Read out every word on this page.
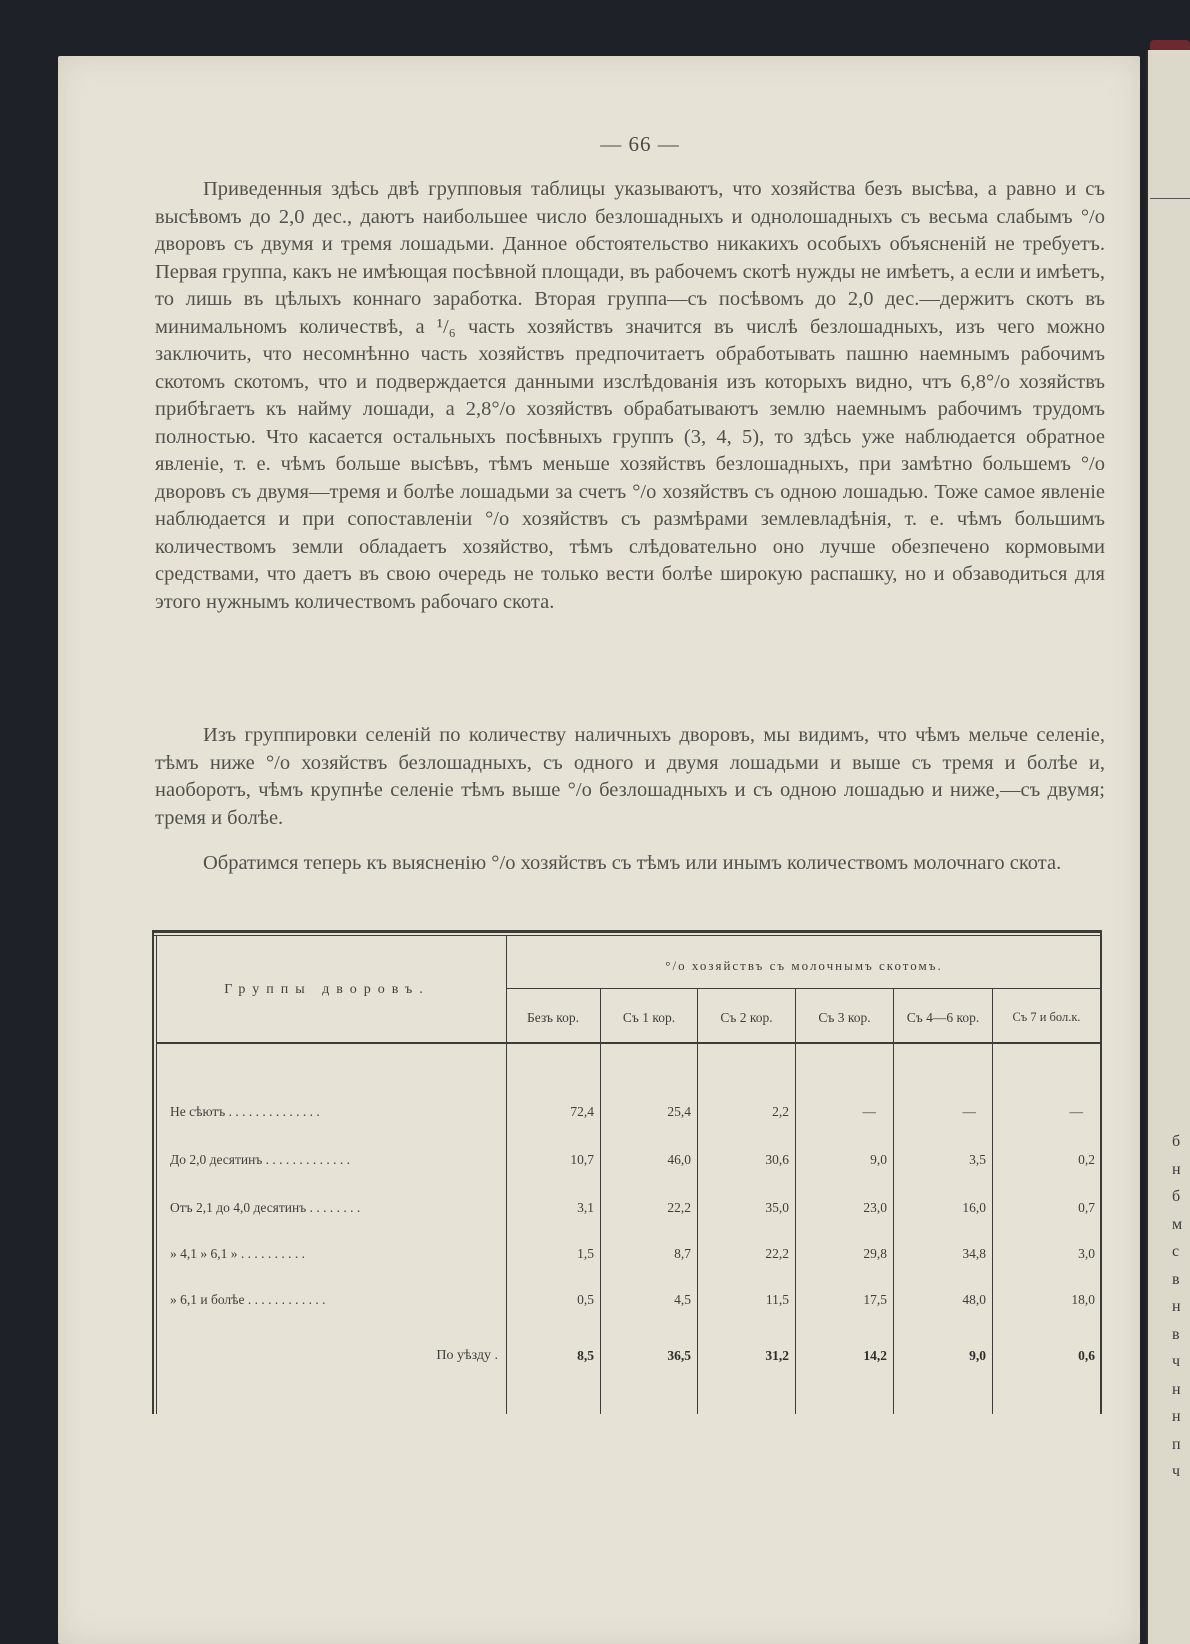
б
н
б
м
с
в
н
в
ч
н
н
п
ч
— 66 —

Приведенныя здѣсь двѣ групповыя таблицы указываютъ, что хозяйства безъ высѣва, а равно и съ высѣвомъ до 2,0 дес., даютъ наибольшее число безлошадныхъ и однолошадныхъ съ весьма слабымъ °/о дворовъ съ двумя и тремя лошадьми. Данное обстоятельство никакихъ особыхъ объясненій не требуетъ. Первая группа, какъ не имѣющая посѣвной площади, въ рабочемъ скотѣ нужды не имѣетъ, а если и имѣетъ, то лишь въ цѣлыхъ коннаго заработка. Вторая группа—съ посѣвомъ до 2,0 дес.—держитъ скотъ въ минимальномъ количествѣ, а ¹/₆ часть хозяйствъ значится въ числѣ безлошадныхъ, изъ чего можно заключить, что несомнѣнно часть хозяйствъ предпочитаетъ обработывать пашню наемнымъ рабочимъ скотомъ скотомъ, что и подверждается данными изслѣдованія изъ которыхъ видно, чтъ 6,8°/о хозяйствъ прибѣгаетъ къ найму лошади, а 2,8°/о хозяйствъ обрабатываютъ землю наемнымъ рабочимъ трудомъ полностью. Что касается остальныхъ посѣвныхъ группъ (3, 4, 5), то здѣсь уже наблюдается обратное явленіе, т. е. чѣмъ больше высѣвъ, тѣмъ меньше хозяйствъ безлошадныхъ, при замѣтно большемъ °/о дворовъ съ двумя—тремя и болѣе лошадьми за счетъ °/о хозяйствъ съ одною лошадью. Тоже самое явленіе наблюдается и при сопоставленіи °/о хозяйствъ съ размѣрами землевладѣнія, т. е. чѣмъ большимъ количествомъ земли обладаетъ хозяйство, тѣмъ слѣдовательно оно лучше обезпечено кормовыми средствами, что даетъ въ свою очередь не только вести болѣе широкую распашку, но и обзаводиться для этого нужнымъ количествомъ рабочаго скота.

Изъ группировки селеній по количеству наличныхъ дворовъ, мы видимъ, что чѣмъ мельче селеніе, тѣмъ ниже °/о хозяйствъ безлошадныхъ, съ одного и двумя лошадьми и выше съ тремя и болѣе и, наоборотъ, чѣмъ крупнѣе селеніе тѣмъ выше °/о безлошадныхъ и съ одною лошадью и ниже,—съ двумя; тремя и болѣе.

Обратимся теперь къ выясненію °/о хозяйствъ съ тѣмъ или инымъ количествомъ молочнаго скота.

Группы дворовъ.
°/о хозяйствъ съ молочнымъ скотомъ.
Безъ кор.	Съ 1 кор.	Съ 2 кор.	Съ 3 кор.	Съ 4—6 кор.	Съ 7 и бол.к.
Не сѣютъ . . . . . . . . . . . . . .	72,4	25,4	2,2	—	—	—
До 2,0 десятинъ . . . . . . . . . . . . .	10,7	46,0	30,6	9,0	3,5	0,2
Отъ 2,1 до 4,0 десятинъ . . . . . . . .	3,1	22,2	35,0	23,0	16,0	0,7
» 4,1 » 6,1 » . . . . . . . . . .	1,5	8,7	22,2	29,8	34,8	3,0
» 6,1 и болѣе . . . . . . . . . . . .	0,5	4,5	11,5	17,5	48,0	18,0
По уѣзду .	8,5	36,5	31,2	14,2	9,0	0,6
